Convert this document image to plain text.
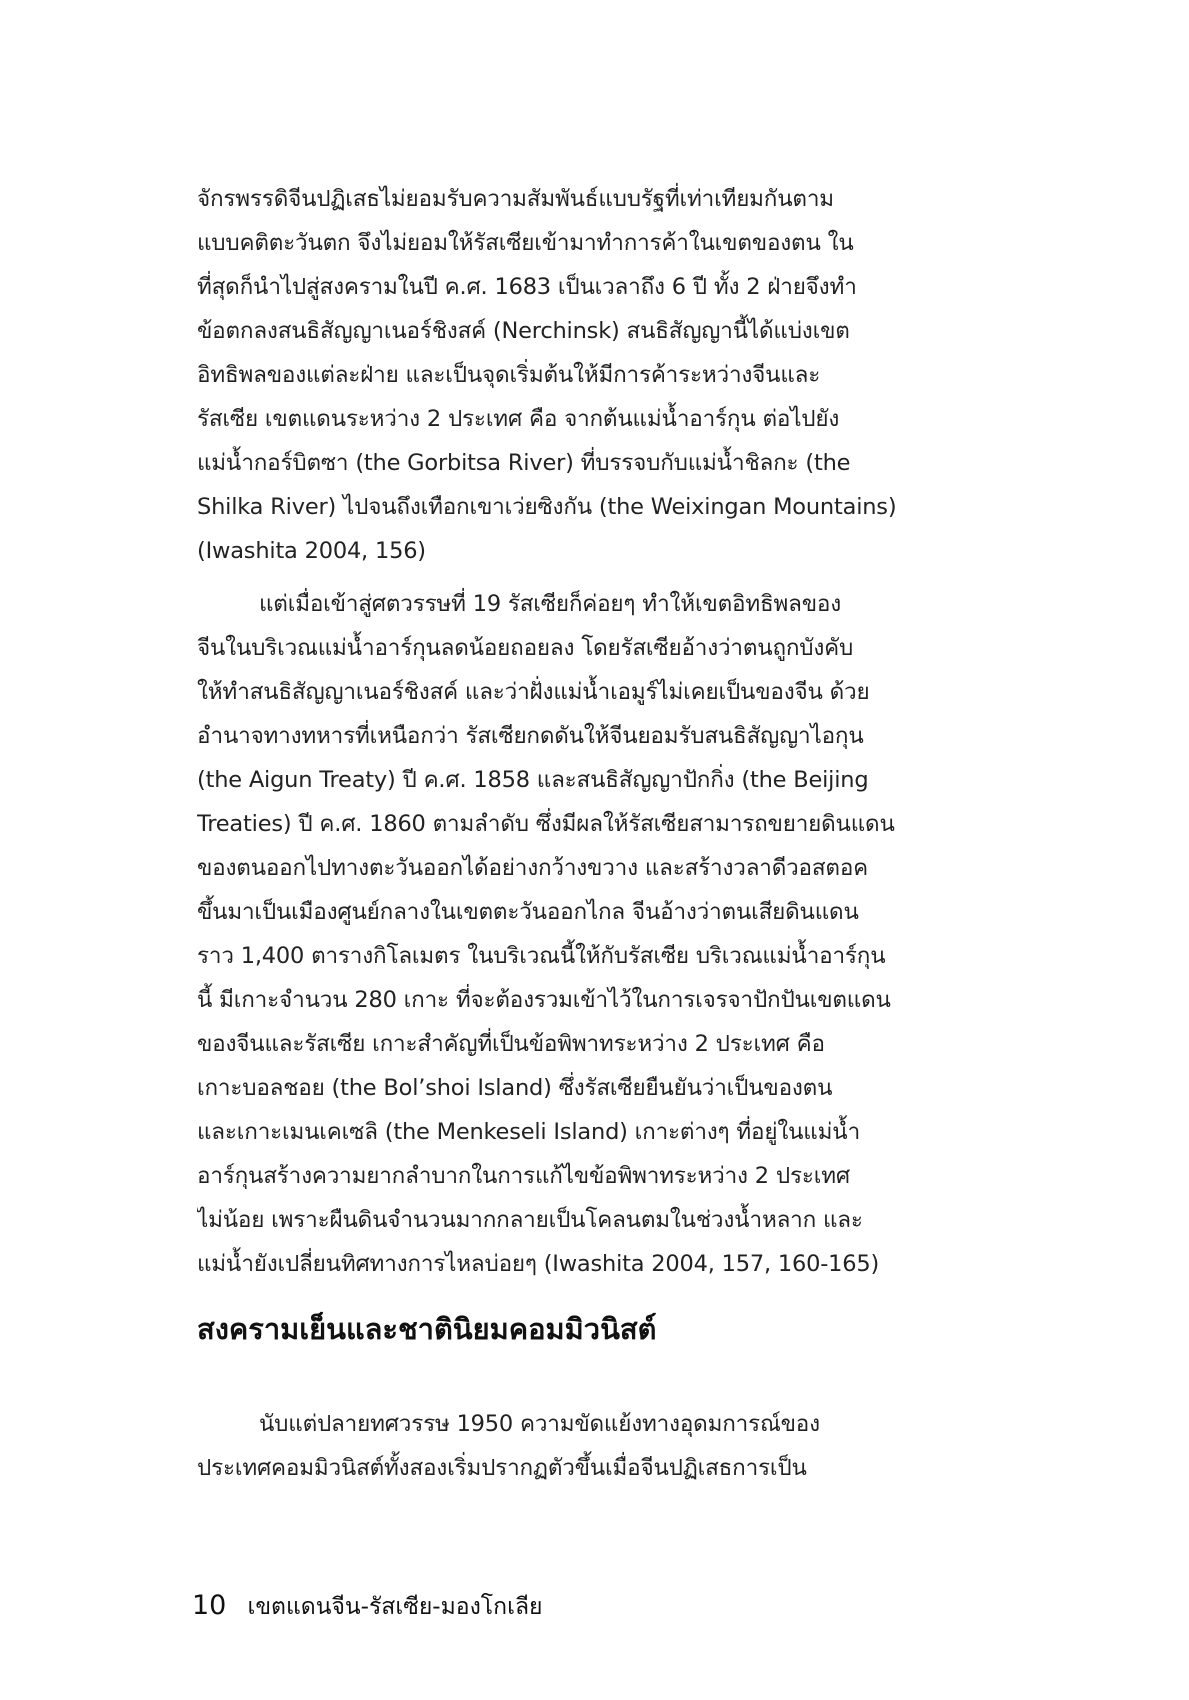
จักรพรรดิจีนปฏิเสธไม่ยอมรับความสัมพันธ์แบบรัฐที่เท่าเทียมกันตาม
แบบคติตะวันตก จึงไม่ยอมให้รัสเซียเข้ามาทำการค้าในเขตของตน ใน
ที่สุดก็นำไปสู่สงครามในปี ค.ศ. 1683 เป็นเวลาถึง 6 ปี ทั้ง 2 ฝ่ายจึงทำ
ข้อตกลงสนธิสัญญาเนอร์ชิงสค์ (Nerchinsk) สนธิสัญญานี้ได้แบ่งเขต
อิทธิพลของแต่ละฝ่าย และเป็นจุดเริ่มต้นให้มีการค้าระหว่างจีนและ
รัสเซีย เขตแดนระหว่าง 2 ประเทศ คือ จากต้นแม่น้ำอาร์กุน ต่อไปยัง
แม่น้ำกอร์บิตซา (the Gorbitsa River) ที่บรรจบกับแม่น้ำชิลกะ (the
Shilka River) ไปจนถึงเทือกเขาเว่ยซิงกัน (the Weixingan Mountains)
(Iwashita 2004, 156)
แต่เมื่อเข้าสู่ศตวรรษที่ 19 รัสเซียก็ค่อยๆ ทำให้เขตอิทธิพลของ
จีนในบริเวณแม่น้ำอาร์กุนลดน้อยถอยลง โดยรัสเซียอ้างว่าตนถูกบังคับ
ให้ทำสนธิสัญญาเนอร์ชิงสค์ และว่าฝั่งแม่น้ำเอมูร์ไม่เคยเป็นของจีน ด้วย
อำนาจทางทหารที่เหนือกว่า รัสเซียกดดันให้จีนยอมรับสนธิสัญญาไอกุน
(the Aigun Treaty) ปี ค.ศ. 1858 และสนธิสัญญาปักกิ่ง (the Beijing
Treaties) ปี ค.ศ. 1860 ตามลำดับ ซึ่งมีผลให้รัสเซียสามารถขยายดินแดน
ของตนออกไปทางตะวันออกได้อย่างกว้างขวาง และสร้างวลาดีวอสตอค
ขึ้นมาเป็นเมืองศูนย์กลางในเขตตะวันออกไกล จีนอ้างว่าตนเสียดินแดน
ราว 1,400 ตารางกิโลเมตร ในบริเวณนี้ให้กับรัสเซีย บริเวณแม่น้ำอาร์กุน
นี้ มีเกาะจำนวน 280 เกาะ ที่จะต้องรวมเข้าไว้ในการเจรจาปักปันเขตแดน
ของจีนและรัสเซีย เกาะสำคัญที่เป็นข้อพิพาทระหว่าง 2 ประเทศ คือ
เกาะบอลชอย (the Bol’shoi Island) ซึ่งรัสเซียยืนยันว่าเป็นของตน
และเกาะเมนเคเซลิ (the Menkeseli Island) เกาะต่างๆ ที่อยู่ในแม่น้ำ
อาร์กุนสร้างความยากลำบากในการแก้ไขข้อพิพาทระหว่าง 2 ประเทศ
ไม่น้อย เพราะผืนดินจำนวนมากกลายเป็นโคลนตมในช่วงน้ำหลาก และ
แม่น้ำยังเปลี่ยนทิศทางการไหลบ่อยๆ (Iwashita 2004, 157, 160-165)
สงครามเย็นและชาตินิยมคอมมิวนิสต์
นับแต่ปลายทศวรรษ 1950 ความขัดแย้งทางอุดมการณ์ของ
ประเทศคอมมิวนิสต์ทั้งสองเริ่มปรากฏตัวขึ้นเมื่อจีนปฏิเสธการเป็น
10 เขตแดนจีน-รัสเซีย-มองโกเลีย
